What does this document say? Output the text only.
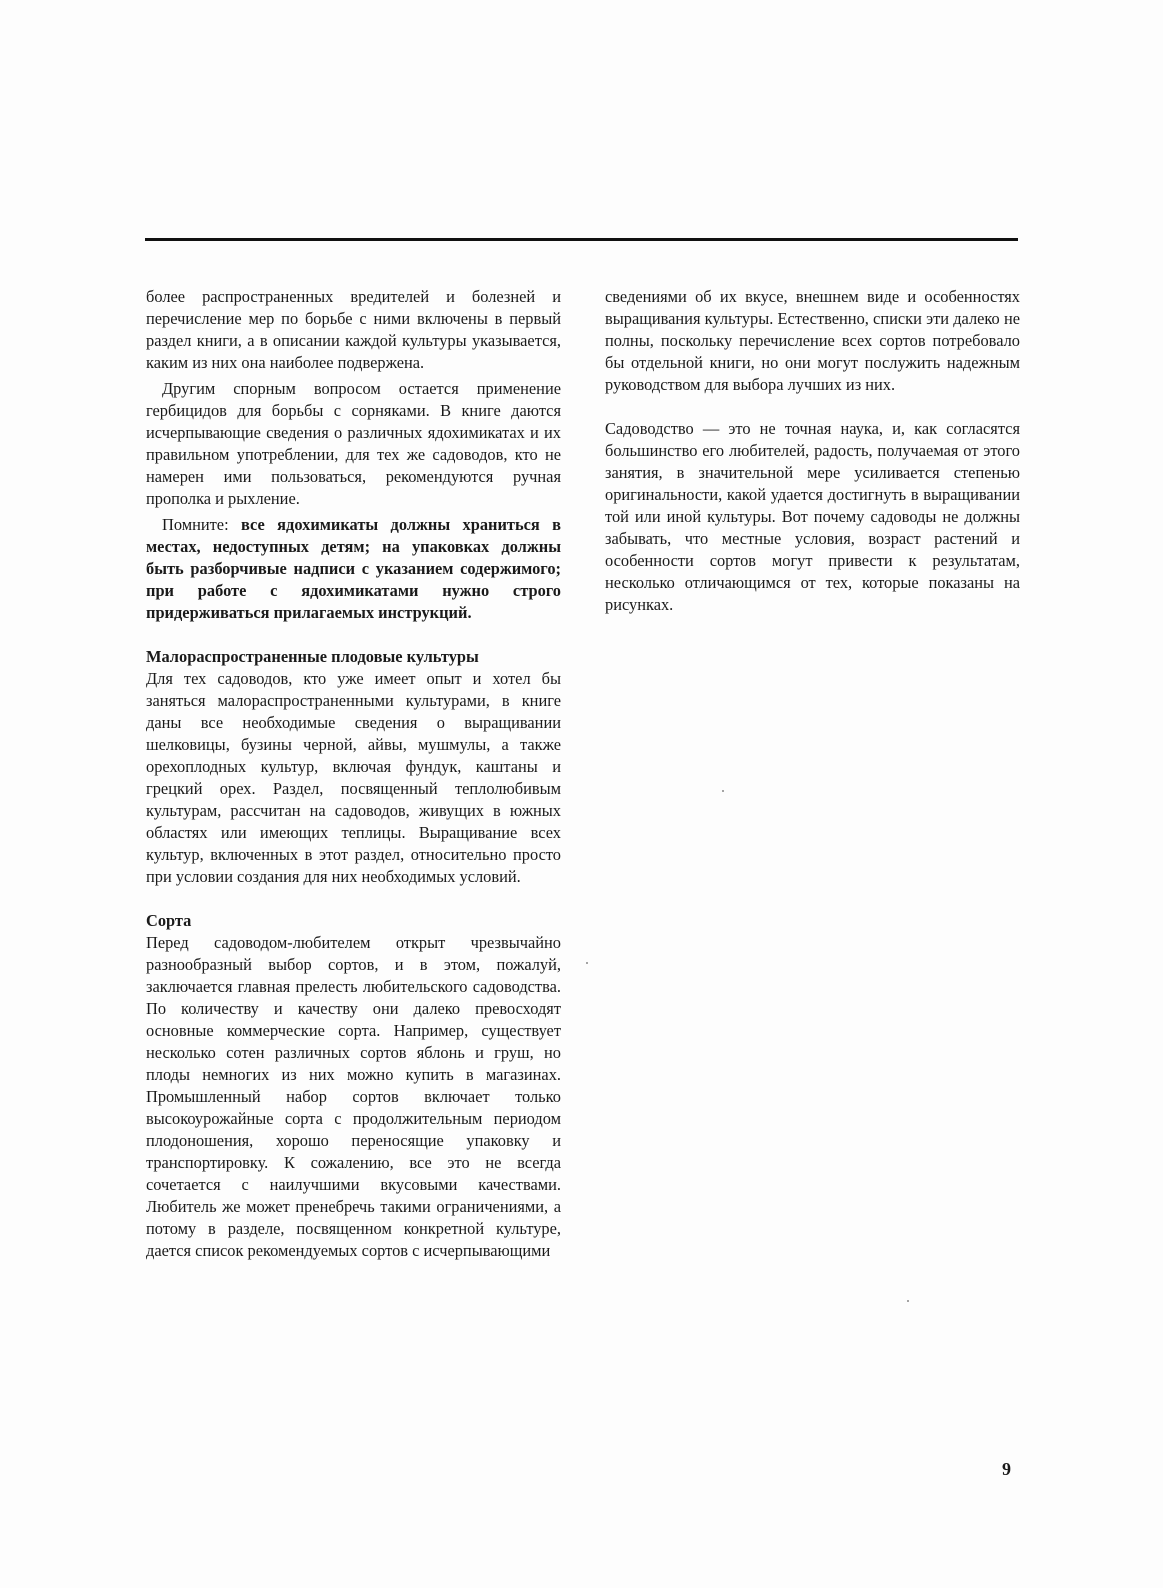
более распространенных вредителей и болезней и перечисление мер по борьбе с ними включены в первый раздел книги, а в описании каждой культуры указывается, каким из них она наиболее подвержена.

Другим спорным вопросом остается применение гербицидов для борьбы с сорняками. В книге даются исчерпывающие сведения о различных ядохимикатах и их правильном употреблении, для тех же садоводов, кто не намерен ими пользоваться, рекомендуются ручная прополка и рыхление.

Помните: все ядохимикаты должны храниться в местах, недоступных детям; на упаковках должны быть разборчивые надписи с указанием содержимого; при работе с ядохимикатами нужно строго придерживаться прилагаемых инструкций.

Малораспространенные плодовые культуры

Для тех садоводов, кто уже имеет опыт и хотел бы заняться малораспространенными культурами, в книге даны все необходимые сведения о выращивании шелковицы, бузины черной, айвы, мушмулы, а также орехоплодных культур, включая фундук, каштаны и грецкий орех. Раздел, посвященный теплолюбивым культурам, рассчитан на садоводов, живущих в южных областях или имеющих теплицы. Выращивание всех культур, включенных в этот раздел, относительно просто при условии создания для них необходимых условий.

Сорта

Перед садоводом-любителем открыт чрезвычайно разнообразный выбор сортов, и в этом, пожалуй, заключается главная прелесть любительского садоводства. По количеству и качеству они далеко превосходят основные коммерческие сорта. Например, существует несколько сотен различных сортов яблонь и груш, но плоды немногих из них можно купить в магазинах. Промышленный набор сортов включает только высокоурожайные сорта с продолжительным периодом плодоношения, хорошо переносящие упаковку и транспортировку. К сожалению, все это не всегда сочетается с наилучшими вкусовыми качествами. Любитель же может пренебречь такими ограничениями, а потому в разделе, посвященном конкретной культуре, дается список рекомендуемых сортов с исчерпывающими

сведениями об их вкусе, внешнем виде и особенностях выращивания культуры. Естественно, списки эти далеко не полны, поскольку перечисление всех сортов потребовало бы отдельной книги, но они могут послужить надежным руководством для выбора лучших из них.

Садоводство — это не точная наука, и, как согласятся большинство его любителей, радость, получаемая от этого занятия, в значительной мере усиливается степенью оригинальности, какой удается достигнуть в выращивании той или иной культуры. Вот почему садоводы не должны забывать, что местные условия, возраст растений и особенности сортов могут привести к результатам, несколько отличающимся от тех, которые показаны на рисунках.

9
